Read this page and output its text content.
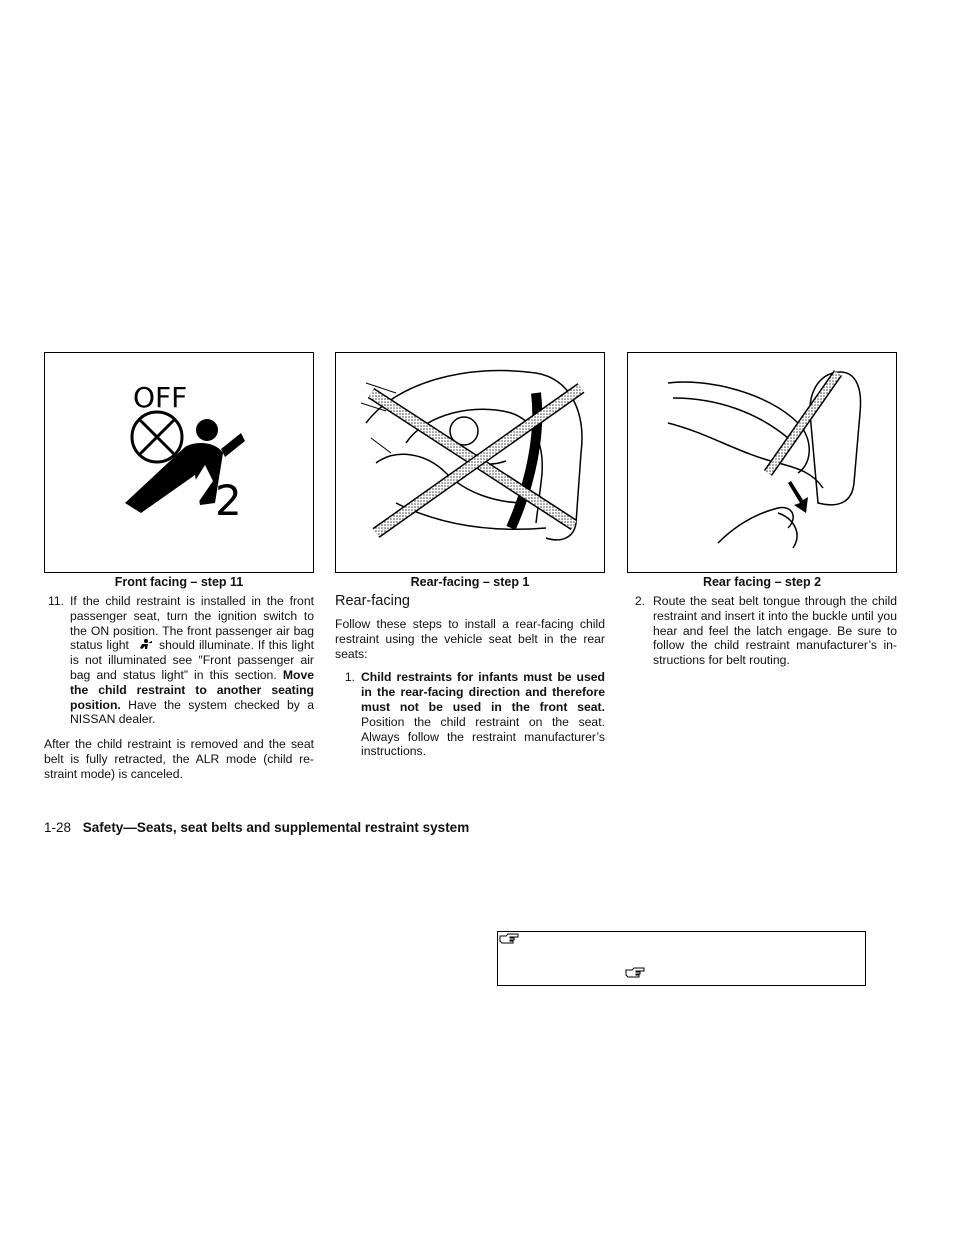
OFF
2
Front facing – step 11	Rear-facing – step 1	Rear facing – step 2
11. If the child restraint is installed in the front passenger seat, turn the ignition switch to the ON position. The front passenger air bag status light should illuminate. If this light is not illuminated see ″Front passenger air bag and status light” in this section. Move the child restraint to another seating position. Have the system checked by a NISSAN dealer.

After the child restraint is removed and the seat belt is fully retracted, the ALR mode (child re-straint mode) is canceled.

Rear-facing

Follow these steps to install a rear-facing child restraint using the vehicle seat belt in the rear seats:

1. Child restraints for infants must be used in the rear-facing direction and therefore must not be used in the front seat. Position the child restraint on the seat. Always follow the restraint manufacturer’s instructions.

2. Route the seat belt tongue through the child restraint and insert it into the buckle until you hear and feel the latch engage. Be sure to follow the child restraint manufacturer’s in-structions for belt routing.

1-28 Safety—Seats, seat belts and supplemental restraint system
